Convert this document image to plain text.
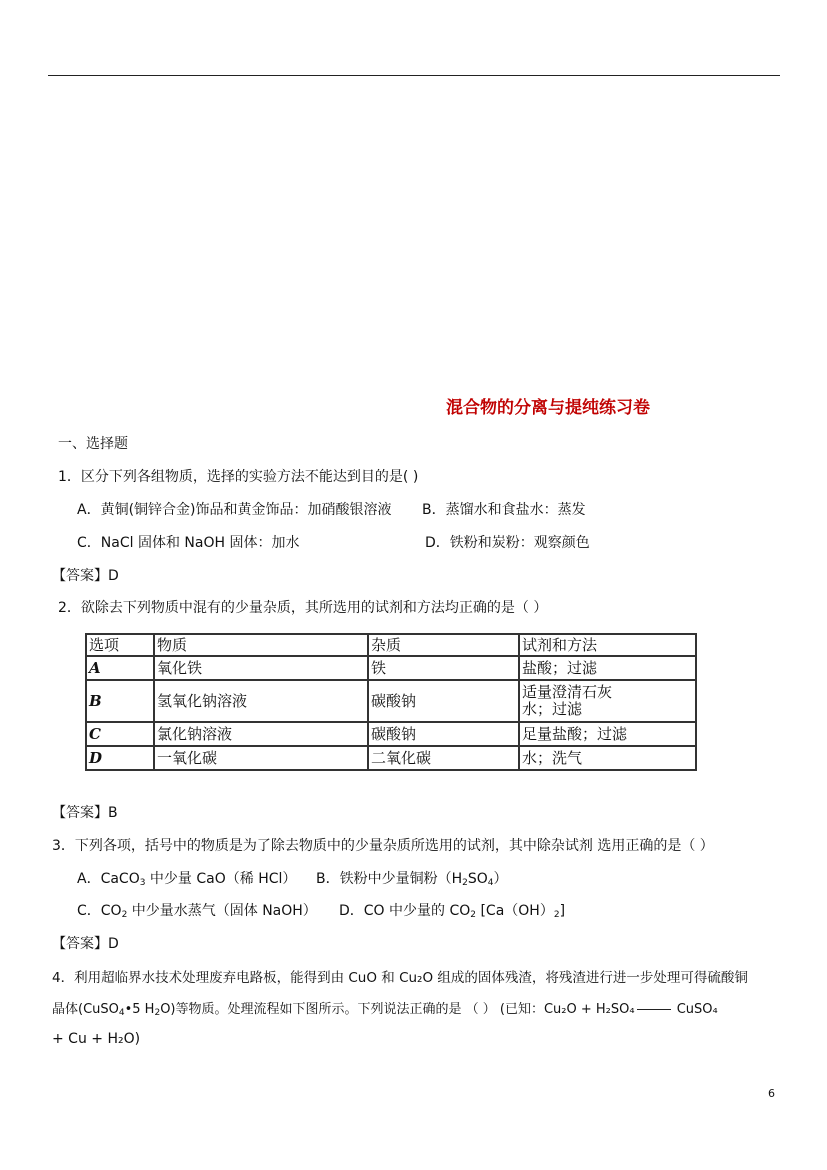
混合物的分离与提纯练习卷
一、选择题
1．区分下列各组物质，选择的实验方法不能达到目的是( )
A．黄铜(铜锌合金)饰品和黄金饰品：加硝酸银溶液 B．蒸馏水和食盐水：蒸发
C．NaCl 固体和 NaOH 固体：加水	D．铁粉和炭粉：观察颜色
【答案】D
2．欲除去下列物质中混有的少量杂质，其所选用的试剂和方法均正确的是（ ）
选项	物质	杂质	试剂和方法
A	氧化铁	铁	盐酸；过滤
B	氢氧化钠溶液	碳酸钠	适量澄清石灰水；过滤
C	氯化钠溶液	碳酸钠	足量盐酸；过滤
D	一氧化碳	二氧化碳	水；洗气
【答案】B
3．下列各项，括号中的物质是为了除去物质中的少量杂质所选用的试剂，其中除杂试剂 选用正确的是（ ）
A．CaCO$_3$ 中少量 CaO（稀 HCl） B．铁粉中少量铜粉$(H_2SO_4)$
C．$CO_2$ 中少量水蒸气（固体 NaOH） D．CO 中少量的 $CO_2$ $[Ca(OH)_2]$
【答案】D
4．利用超临界水技术处理废弃电路板，能得到由 CuO 和 Cu₂O 组成的固体残渣，将残渣进行进一步处理可得硫酸铜
晶体(CuSO$_4$•5 $H_2O$)等物质。处理流程如下图所示。下列说法正确的是 （ ） (已知：Cu₂O + H₂SO₄	CuSO₄
+ Cu + H₂O)
6
